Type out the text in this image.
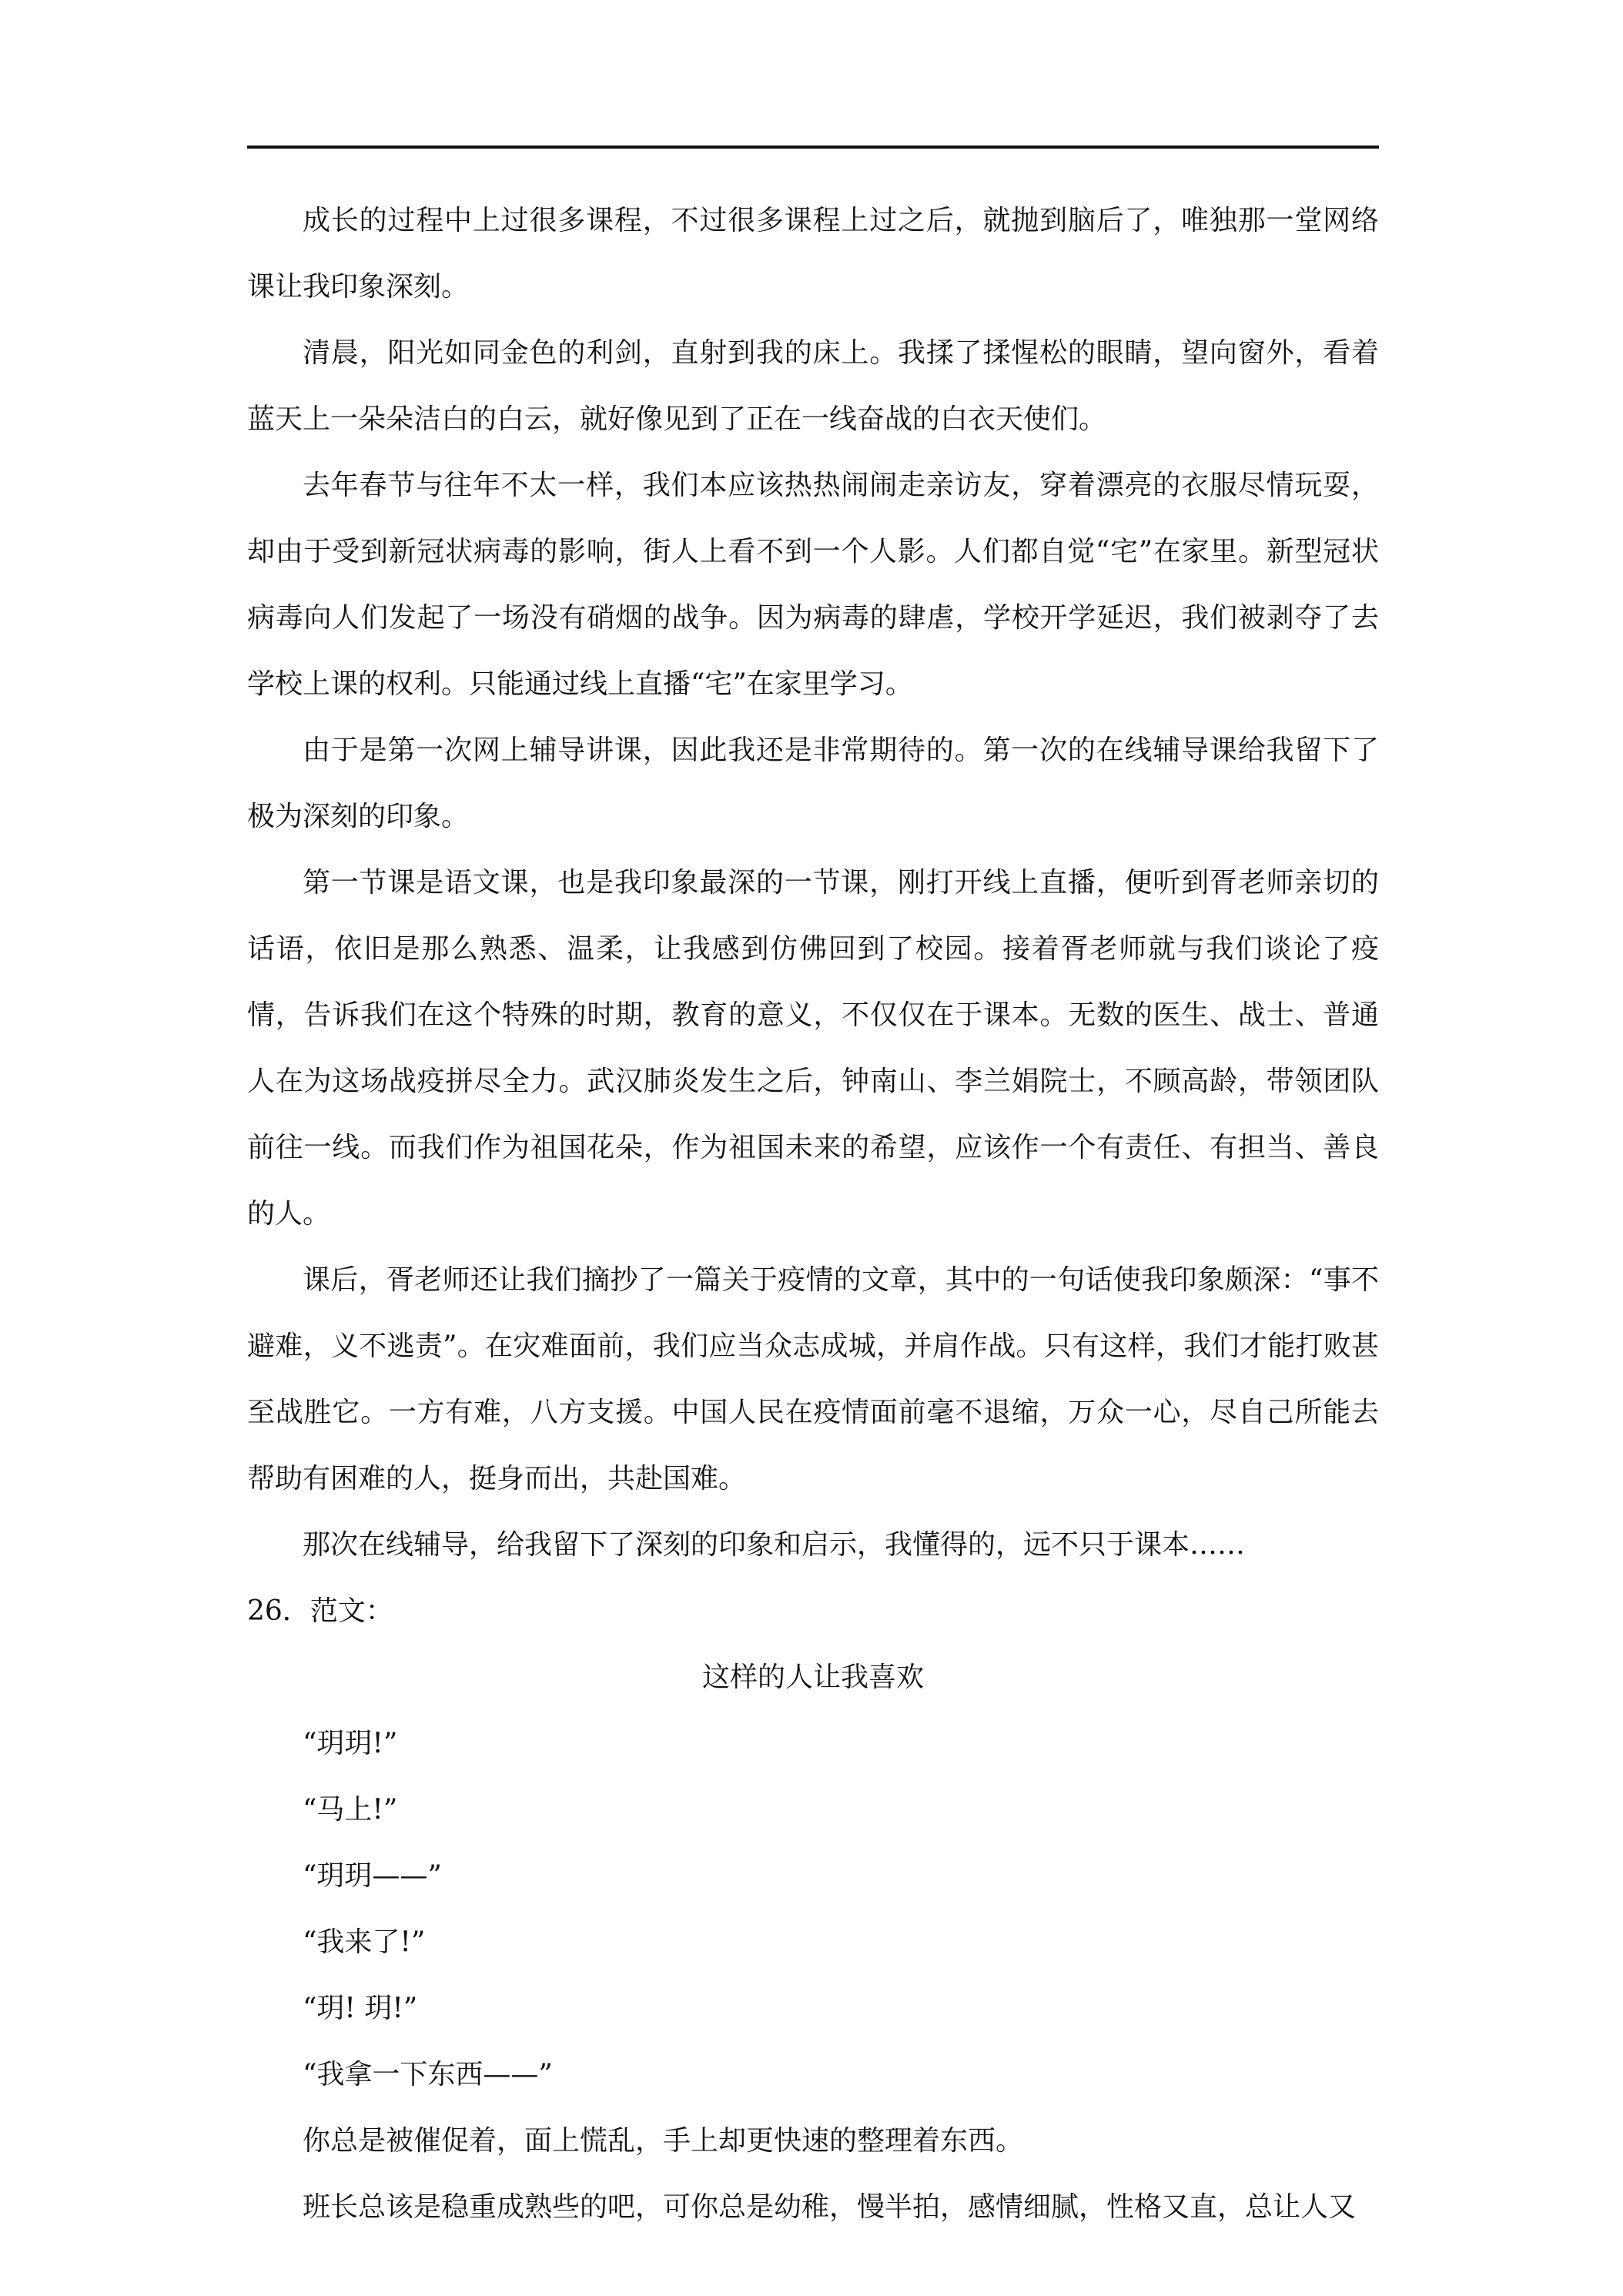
成长的过程中上过很多课程，不过很多课程上过之后，就抛到脑后了，唯独那一堂网络课让我印象深刻。

清晨，阳光如同金色的利剑，直射到我的床上。我揉了揉惺松的眼睛，望向窗外，看着蓝天上一朵朵洁白的白云，就好像见到了正在一线奋战的白衣天使们。

去年春节与往年不太一样，我们本应该热热闹闹走亲访友，穿着漂亮的衣服尽情玩耍，却由于受到新冠状病毒的影响，街人上看不到一个人影。人们都自觉“宅”在家里。新型冠状病毒向人们发起了一场没有硝烟的战争。因为病毒的肆虐，学校开学延迟，我们被剥夺了去学校上课的权利。只能通过线上直播“宅”在家里学习。

由于是第一次网上辅导讲课，因此我还是非常期待的。第一次的在线辅导课给我留下了极为深刻的印象。

第一节课是语文课，也是我印象最深的一节课，刚打开线上直播，便听到胥老师亲切的话语，依旧是那么熟悉、温柔，让我感到仿佛回到了校园。接着胥老师就与我们谈论了疫情，告诉我们在这个特殊的时期，教育的意义，不仅仅在于课本。无数的医生、战士、普通人在为这场战疫拼尽全力。武汉肺炎发生之后，钟南山、李兰娟院士，不顾高龄，带领团队前往一线。而我们作为祖国花朵，作为祖国未来的希望，应该作一个有责任、有担当、善良的人。

课后，胥老师还让我们摘抄了一篇关于疫情的文章，其中的一句话使我印象颇深：“事不避难，义不逃责”。在灾难面前，我们应当众志成城，并肩作战。只有这样，我们才能打败甚至战胜它。一方有难，八方支援。中国人民在疫情面前毫不退缩，万众一心，尽自己所能去帮助有困难的人，挺身而出，共赴国难。

那次在线辅导，给我留下了深刻的印象和启示，我懂得的，远不只于课本……

26．范文：

这样的人让我喜欢

“玥玥!”

“马上!”

“玥玥——”

“我来了!”

“玥! 玥!”

“我拿一下东西——”

你总是被催促着，面上慌乱，手上却更快速的整理着东西。

班长总该是稳重成熟些的吧，可你总是幼稚，慢半拍，感情细腻，性格又直，总让人又
